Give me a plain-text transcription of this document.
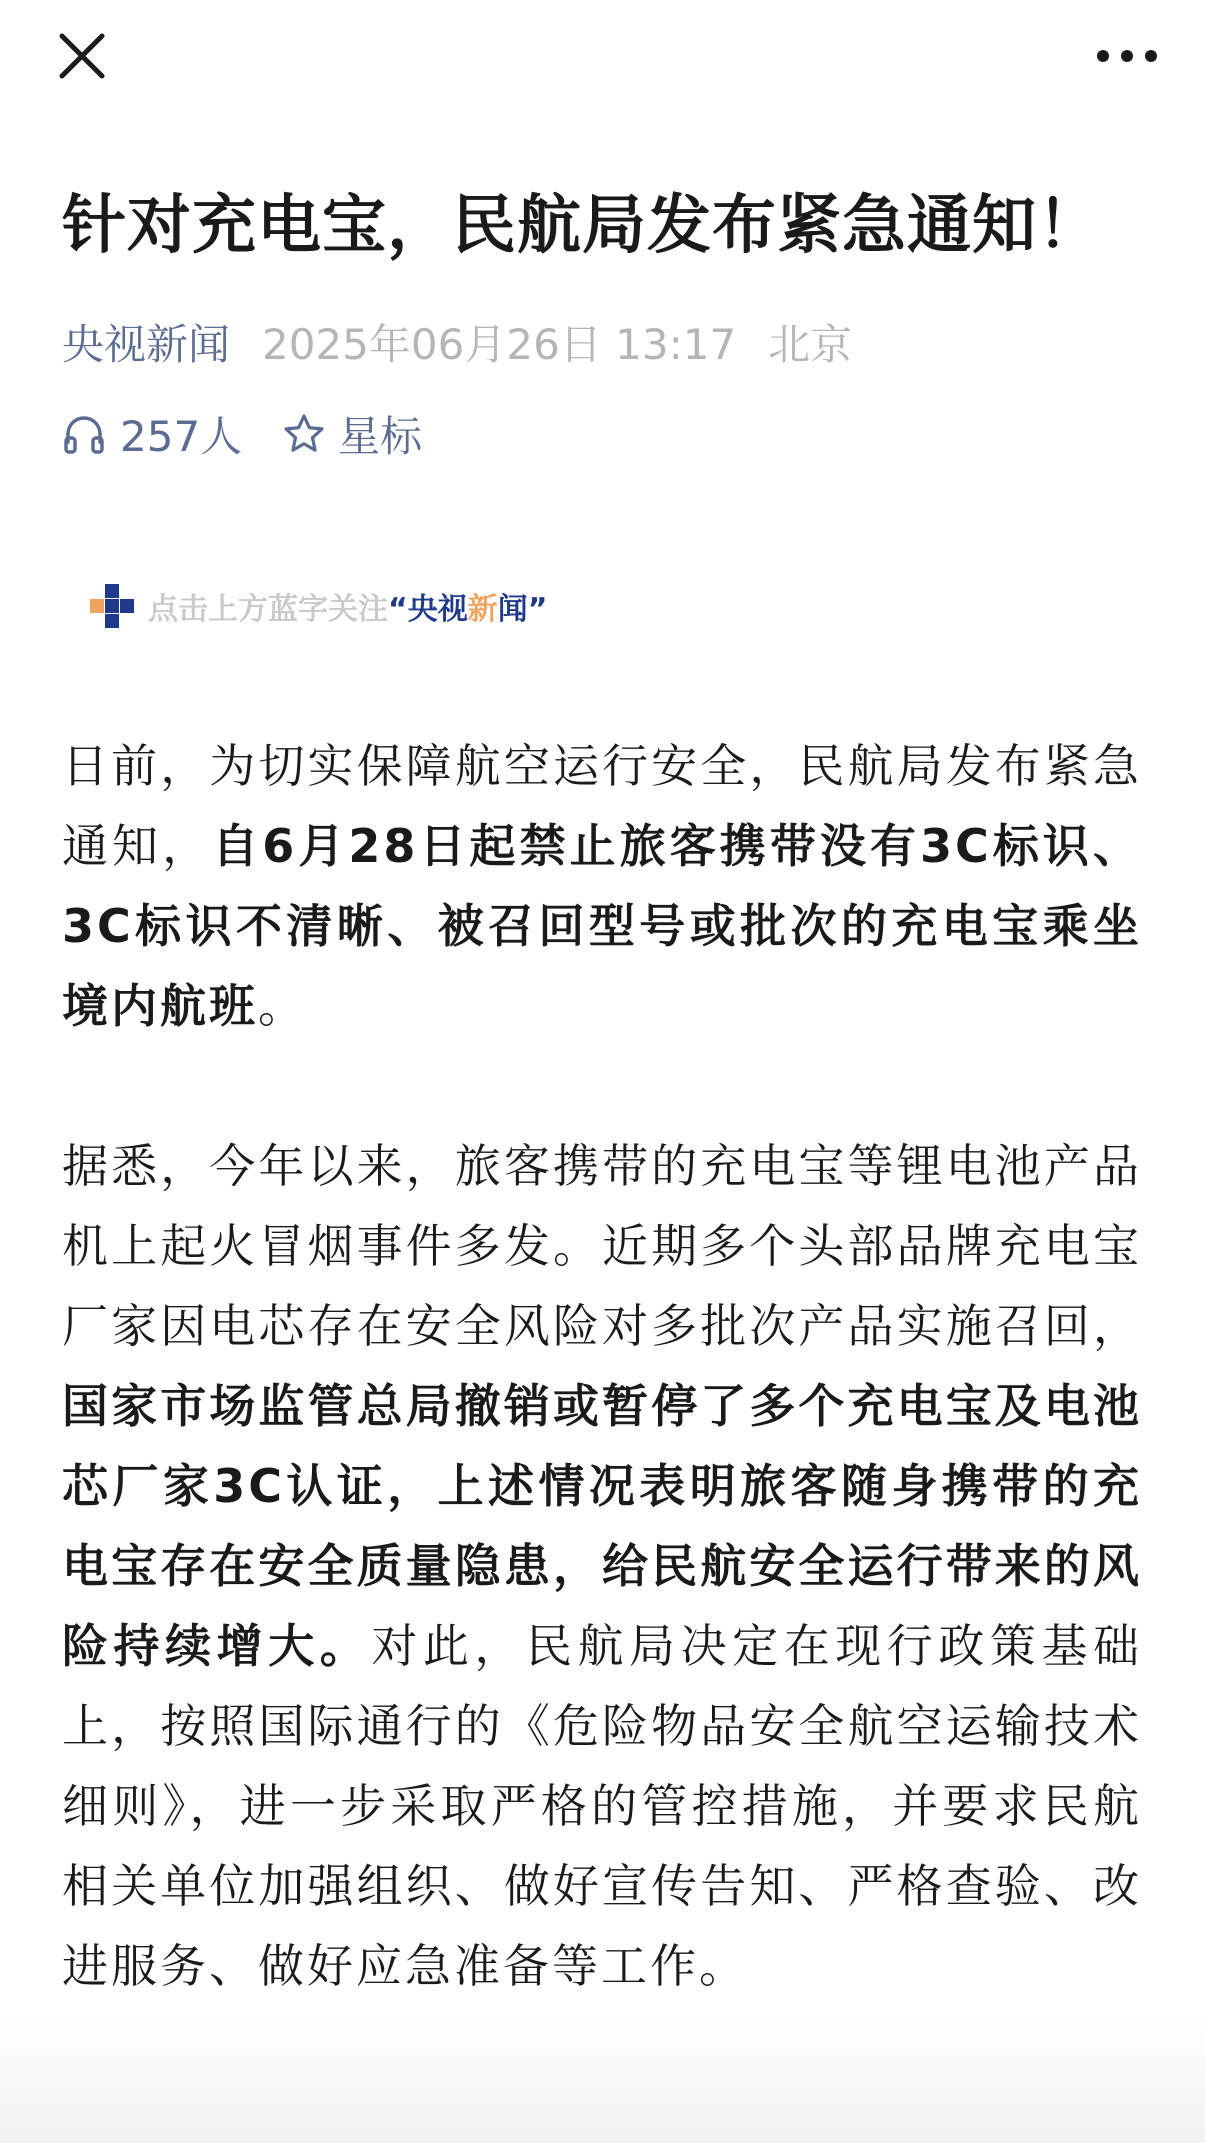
针对充电宝，民航局发布紧急通知！
央视新闻 2025年06月26日 13:17 北京
257人 星标
点击上方蓝字关注“央视新闻”

日前，为切实保障航空运行安全，民航局发布紧急通知，自6月28日起禁止旅客携带没有3C标识、3C标识不清晰、被召回型号或批次的充电宝乘坐境内航班。

据悉，今年以来，旅客携带的充电宝等锂电池产品机上起火冒烟事件多发。近期多个头部品牌充电宝厂家因电芯存在安全风险对多批次产品实施召回，国家市场监管总局撤销或暂停了多个充电宝及电池芯厂家3C认证，上述情况表明旅客随身携带的充电宝存在安全质量隐患，给民航安全运行带来的风险持续增大。对此，民航局决定在现行政策基础上，按照国际通行的《危险物品安全航空运输技术细则》，进一步采取严格的管控措施，并要求民航相关单位加强组织、做好宣传告知、严格查验、改进服务、做好应急准备等工作。
